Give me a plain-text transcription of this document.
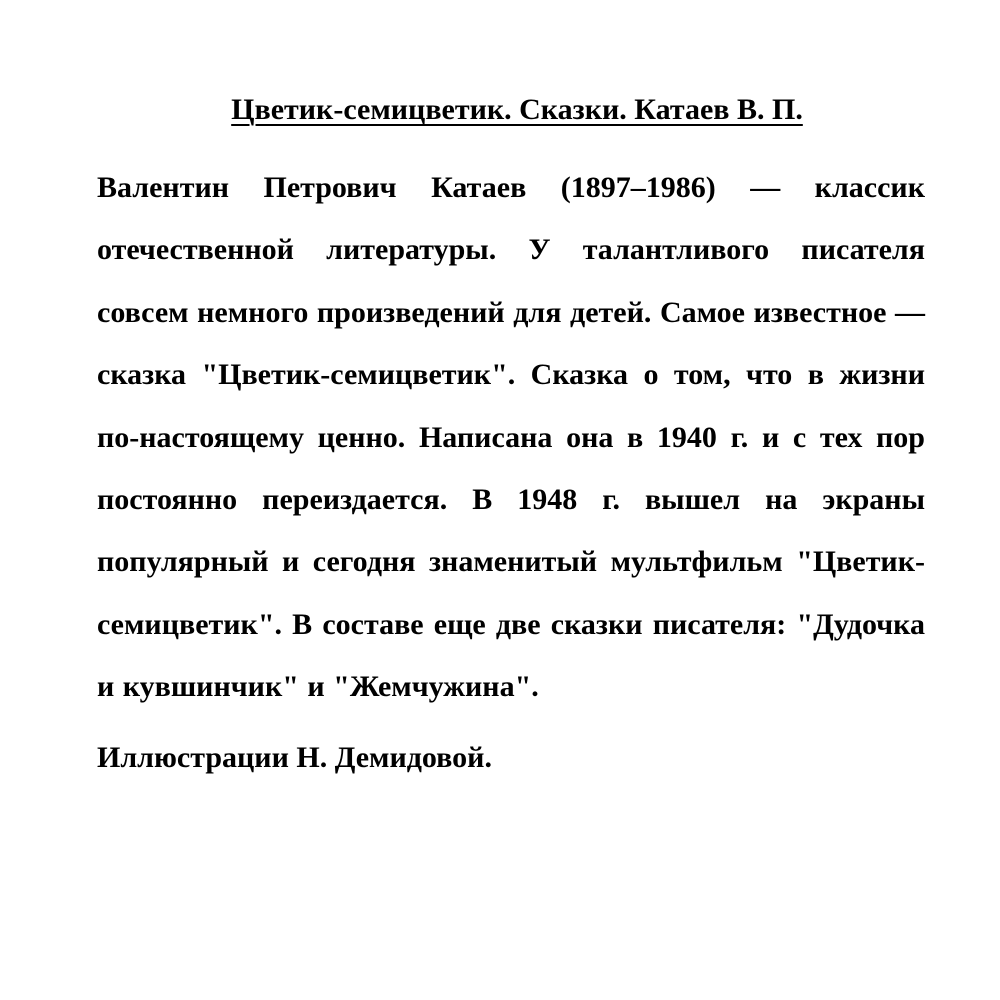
Цветик-семицветик. Сказки. Катаев В. П.

Валентин Петрович Катаев (1897–1986) — классик отечественной литературы. У талантливого писателя совсем немного произведений для детей. Самое известное — сказка "Цветик-семицветик". Сказка о том, что в жизни по-настоящему ценно. Написана она в 1940 г. и с тех пор постоянно переиздается. В 1948 г. вышел на экраны популярный и сегодня знаменитый мультфильм "Цветик-семицветик". В составе еще две сказки писателя: "Дудочка и кувшинчик" и "Жемчужина".

Иллюстрации Н. Демидовой.
